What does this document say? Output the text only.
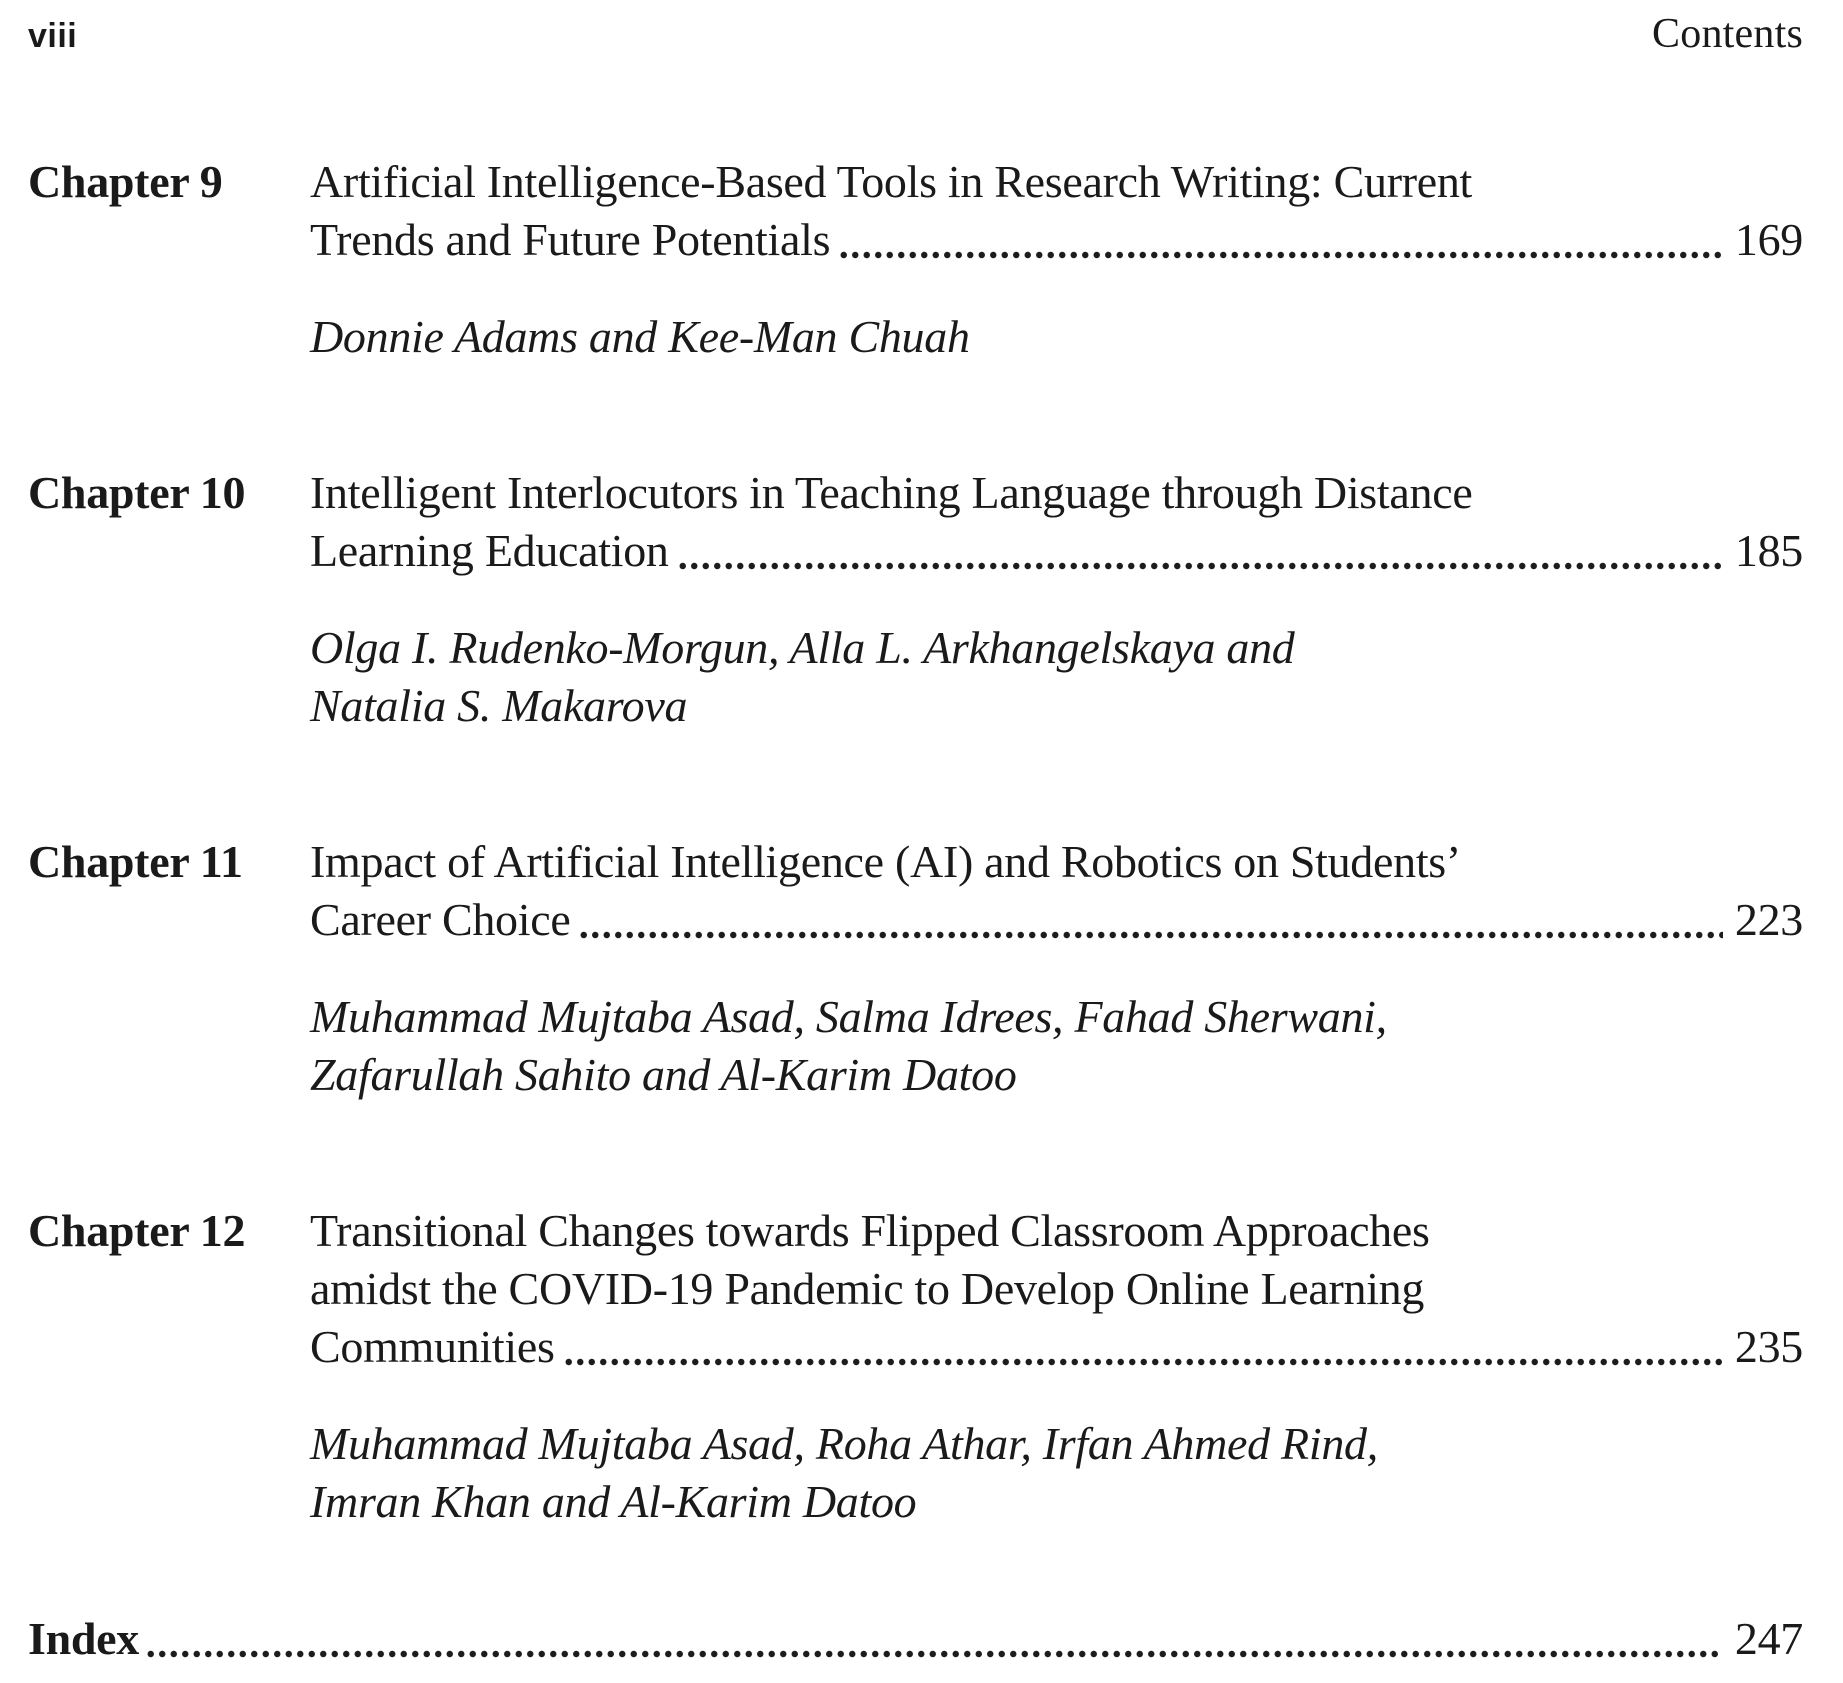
viii	Contents
Chapter 9	Artificial Intelligence-Based Tools in Research Writing: Current
Trends and Future Potentials	169
Donnie Adams and Kee-Man Chuah
Chapter 10	Intelligent Interlocutors in Teaching Language through Distance
Learning Education	185
Olga I. Rudenko-Morgun, Alla L. Arkhangelskaya and
Natalia S. Makarova
Chapter 11	Impact of Artificial Intelligence (AI) and Robotics on Students’
Career Choice	223
Muhammad Mujtaba Asad, Salma Idrees, Fahad Sherwani,
Zafarullah Sahito and Al-Karim Datoo
Chapter 12	Transitional Changes towards Flipped Classroom Approaches
amidst the COVID-19 Pandemic to Develop Online Learning
Communities	235
Muhammad Mujtaba Asad, Roha Athar, Irfan Ahmed Rind,
Imran Khan and Al-Karim Datoo
Index	247
